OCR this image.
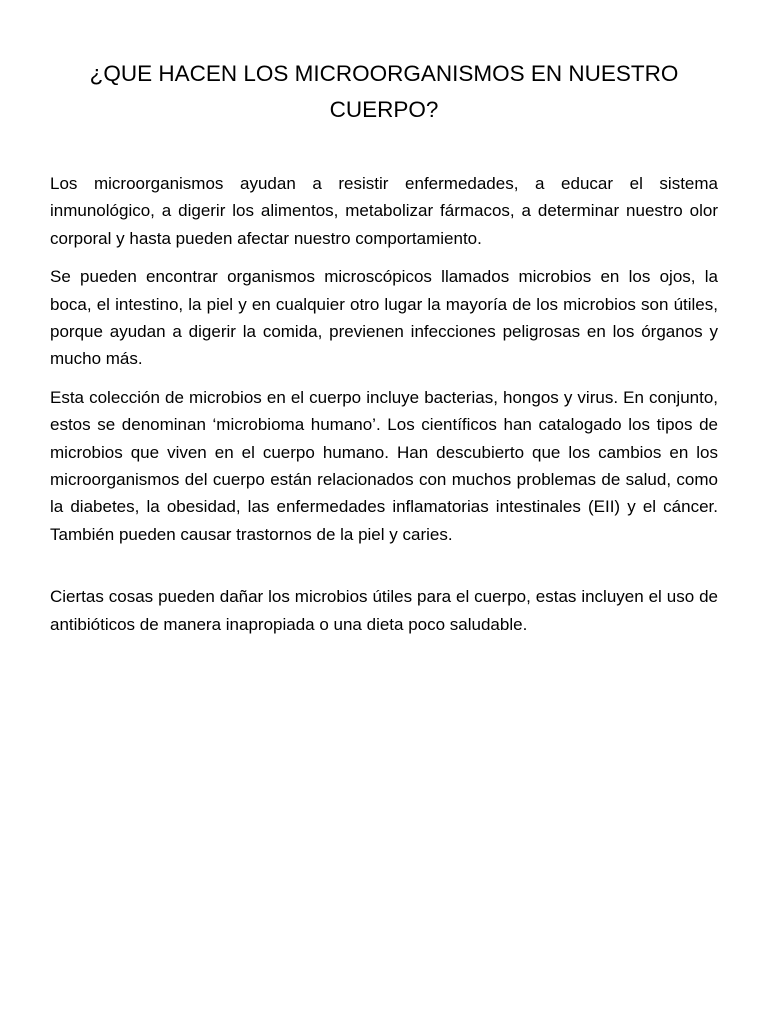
¿QUE HACEN LOS MICROORGANISMOS EN NUESTRO CUERPO?

Los microorganismos ayudan a resistir enfermedades, a educar el sistema inmunológico, a digerir los alimentos, metabolizar fármacos, a determinar nuestro olor corporal y hasta pueden afectar nuestro comportamiento.

Se pueden encontrar organismos microscópicos llamados microbios en los ojos, la boca, el intestino, la piel y en cualquier otro lugar la mayoría de los microbios son útiles, porque ayudan a digerir la comida, previenen infecciones peligrosas en los órganos y mucho más.

Esta colección de microbios en el cuerpo incluye bacterias, hongos y virus. En conjunto, estos se denominan ‘microbioma humano’. Los científicos han catalogado los tipos de microbios que viven en el cuerpo humano. Han descubierto que los cambios en los microorganismos del cuerpo están relacionados con muchos problemas de salud, como la diabetes, la obesidad, las enfermedades inflamatorias intestinales (EII) y el cáncer. También pueden causar trastornos de la piel y caries.

Ciertas cosas pueden dañar los microbios útiles para el cuerpo, estas incluyen el uso de antibióticos de manera inapropiada o una dieta poco saludable.
